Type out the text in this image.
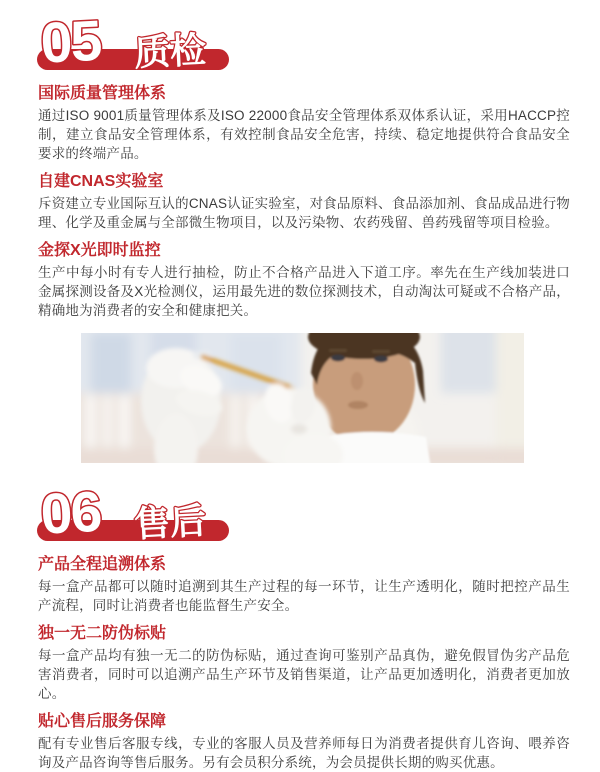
05 质检
国际质量管理体系

通过ISO 9001质量管理体系及ISO 22000食品安全管理体系双体系认证，采用HACCP控制，建立食品安全管理体系，有效控制食品安全危害，持续、稳定地提供符合食品安全要求的终端产品。

自建CNAS实验室

斥资建立专业国际互认的CNAS认证实验室，对食品原料、食品添加剂、食品成品进行物理、化学及重金属与全部微生物项目，以及污染物、农药残留、兽药残留等项目检验。

金探X光即时监控

生产中每小时有专人进行抽检，防止不合格产品进入下道工序。率先在生产线加装进口金属探测设备及X光检测仪，运用最先进的数位探测技术，自动淘汰可疑或不合格产品，精确地为消费者的安全和健康把关。

06 售后
产品全程追溯体系

每一盒产品都可以随时追溯到其生产过程的每一环节，让生产透明化，随时把控产品生产流程，同时让消费者也能监督生产安全。

独一无二防伪标贴

每一盒产品均有独一无二的防伪标贴，通过查询可鉴别产品真伪，避免假冒伪劣产品危害消费者，同时可以追溯产品生产环节及销售渠道，让产品更加透明化，消费者更加放心。

贴心售后服务保障

配有专业售后客服专线，专业的客服人员及营养师每日为消费者提供育儿咨询、喂养咨询及产品咨询等售后服务。另有会员积分系统，为会员提供长期的购买优惠。
